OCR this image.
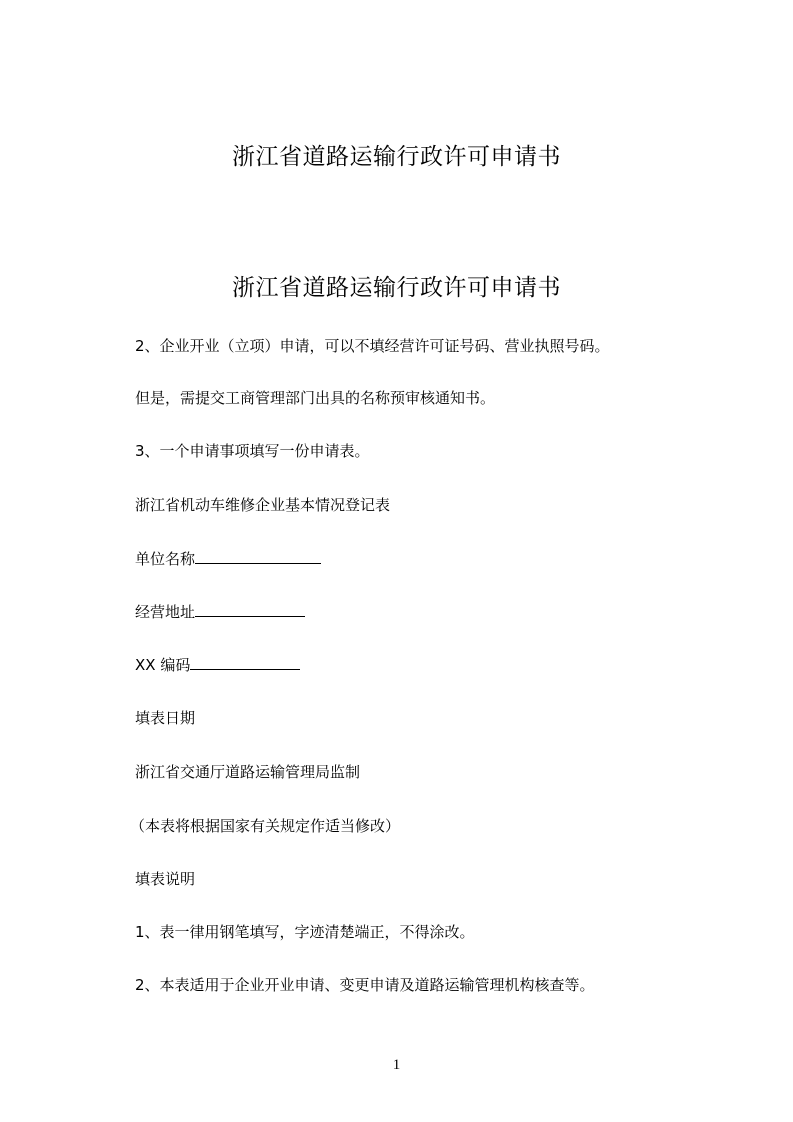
浙江省道路运输行政许可申请书
浙江省道路运输行政许可申请书
2、企业开业（立项）申请，可以不填经营许可证号码、营业执照号码。
但是，需提交工商管理部门出具的名称预审核通知书。
3、一个申请事项填写一份申请表。
浙江省机动车维修企业基本情况登记表
单位名称
经营地址
XX 编码
填表日期
浙江省交通厅道路运输管理局监制
（本表将根据国家有关规定作适当修改）
填表说明
1、表一律用钢笔填写，字迹清楚端正，不得涂改。
2、本表适用于企业开业申请、变更申请及道路运输管理机构核查等。
1
